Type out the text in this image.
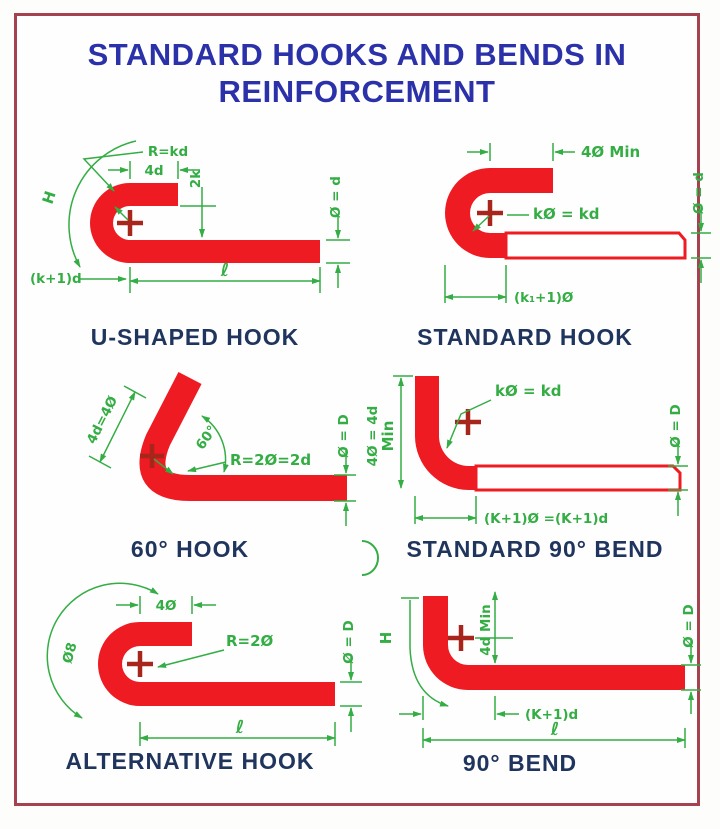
STANDARD HOOKS AND BENDS IN
REINFORCEMENT
R=kd
4d 2k
H
(k+1)d	ℓ
Ø = d
U-SHAPED HOOK
4Ø Min
kØ = kd
(k₁+1)Ø
Ø = d
STANDARD HOOK
4d=4Ø	60°
R=2Ø=2d
Ø = D
60° HOOK
kØ = kd
4Ø = 4d
Min
(K+1)Ø =(K+1)d
Ø = D
STANDARD 90° BEND
4Ø
R=2Ø
Ø8
ℓ
Ø = D
ALTERNATIVE HOOK
H	4d Min
(K+1)d
ℓ
Ø = D
90° BEND
